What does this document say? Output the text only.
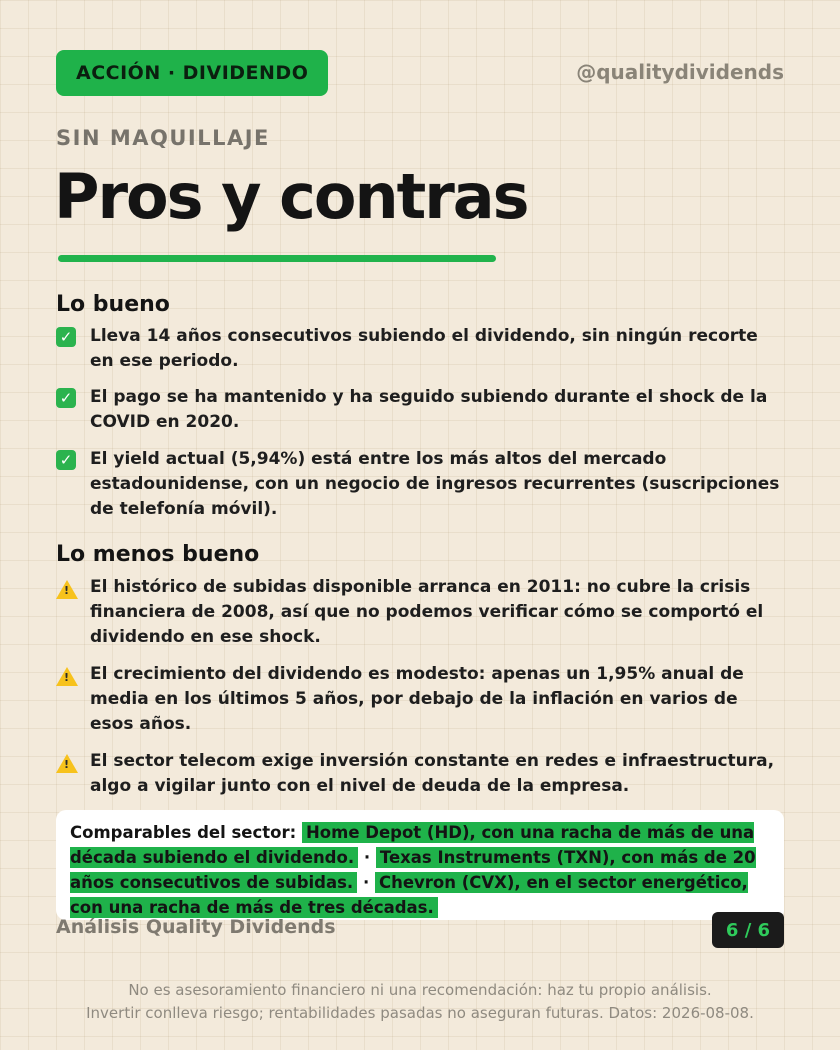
ACCIÓN · DIVIDENDO	@qualitydividends
SIN MAQUILLAJE
Pros y contras
Lo bueno
✓ Lleva 14 años consecutivos subiendo el dividendo, sin ningún recorte en ese periodo.
✓ El pago se ha mantenido y ha seguido subiendo durante el shock de la COVID en 2020.
✓ El yield actual (5,94%) está entre los más altos del mercado estadounidense, con un negocio de ingresos recurrentes (suscripciones de telefonía móvil).
Lo menos bueno
! El histórico de subidas disponible arranca en 2011: no cubre la crisis financiera de 2008, así que no podemos verificar cómo se comportó el dividendo en ese shock.
! El crecimiento del dividendo es modesto: apenas un 1,95% anual de media en los últimos 5 años, por debajo de la inflación en varios de esos años.
! El sector telecom exige inversión constante en redes e infraestructura, algo a vigilar junto con el nivel de deuda de la empresa.
Comparables del sector: Home Depot (HD), con una racha de más de una década subiendo el dividendo. · Texas Instruments (TXN), con más de 20 años consecutivos de subidas. · Chevron (CVX), en el sector energético, con una racha de más de tres décadas.
Análisis Quality Dividends	6 / 6
No es asesoramiento financiero ni una recomendación: haz tu propio análisis.
Invertir conlleva riesgo; rentabilidades pasadas no aseguran futuras. Datos: 2026-08-08.
